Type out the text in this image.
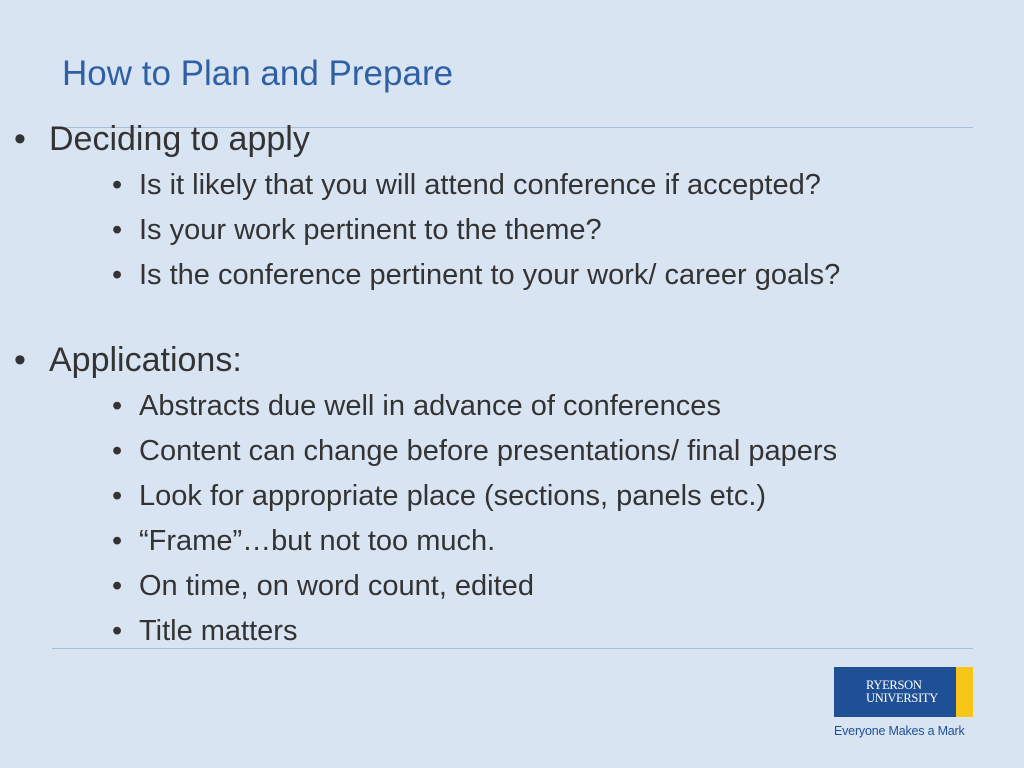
How to Plan and Prepare
• Deciding to apply
• Is it likely that you will attend conference if accepted?
• Is your work pertinent to the theme?
• Is the conference pertinent to your work/ career goals?
• Applications:
• Abstracts due well in advance of conferences
• Content can change before presentations/ final papers
• Look for appropriate place (sections, panels etc.)
• “Frame”…but not too much.
• On time, on word count, edited
• Title matters
RYERSON
UNIVERSITY
Everyone Makes a Mark
